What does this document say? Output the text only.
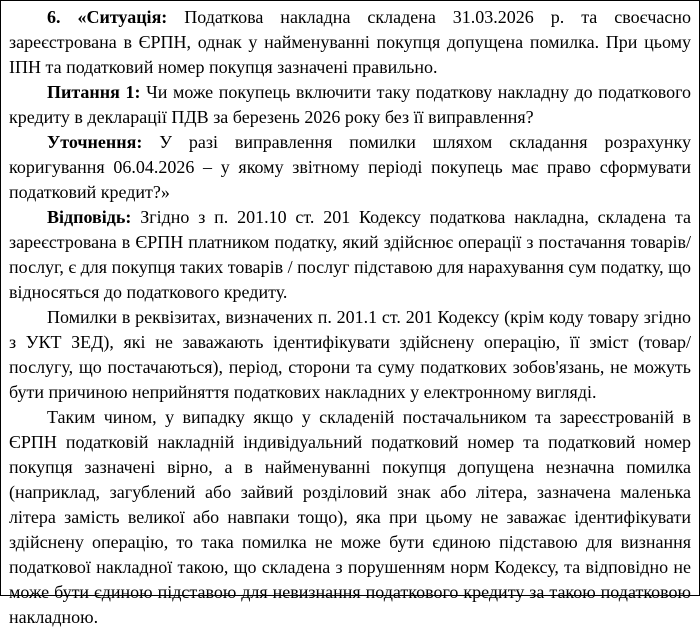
6. «Ситуація: Податкова накладна складена 31.03.2026 р. та своєчасно зареєстрована в ЄРПН, однак у найменуванні покупця допущена помилка. При цьому ІПН та податковий номер покупця зазначені правильно.

Питання 1: Чи може покупець включити таку податкову накладну до податкового кредиту в декларації ПДВ за березень 2026 року без її виправлення?

Уточнення: У разі виправлення помилки шляхом складання розрахунку коригування 06.04.2026 – у якому звітному періоді покупець має право сформувати податковий кредит?»

Відповідь: Згідно з п. 201.10 ст. 201 Кодексу податкова накладна, складена та зареєстрована в ЄРПН платником податку, який здійснює операції з постачання товарів/послуг, є для покупця таких товарів / послуг підставою для нарахування сум податку, що відносяться до податкового кредиту.

Помилки в реквізитах, визначених п. 201.1 ст. 201 Кодексу (крім коду товару згідно з УКТ ЗЕД), які не заважають ідентифікувати здійснену операцію, її зміст (товар/послугу, що постачаються), період, сторони та суму податкових зобов'язань, не можуть бути причиною неприйняття податкових накладних у електронному вигляді.

Таким чином, у випадку якщо у складеній постачальником та зареєстрованій в ЄРПН податковій накладній індивідуальний податковий номер та податковий номер покупця зазначені вірно, а в найменуванні покупця допущена незначна помилка (наприклад, загублений або зайвий розділовий знак або літера, зазначена маленька літера замість великої або навпаки тощо), яка при цьому не заважає ідентифікувати здійснену операцію, то така помилка не може бути єдиною підставою для визнання податкової накладної такою, що складена з порушенням норм Кодексу, та відповідно не може бути єдиною підставою для невизнання податкового кредиту за такою податковою накладною.
